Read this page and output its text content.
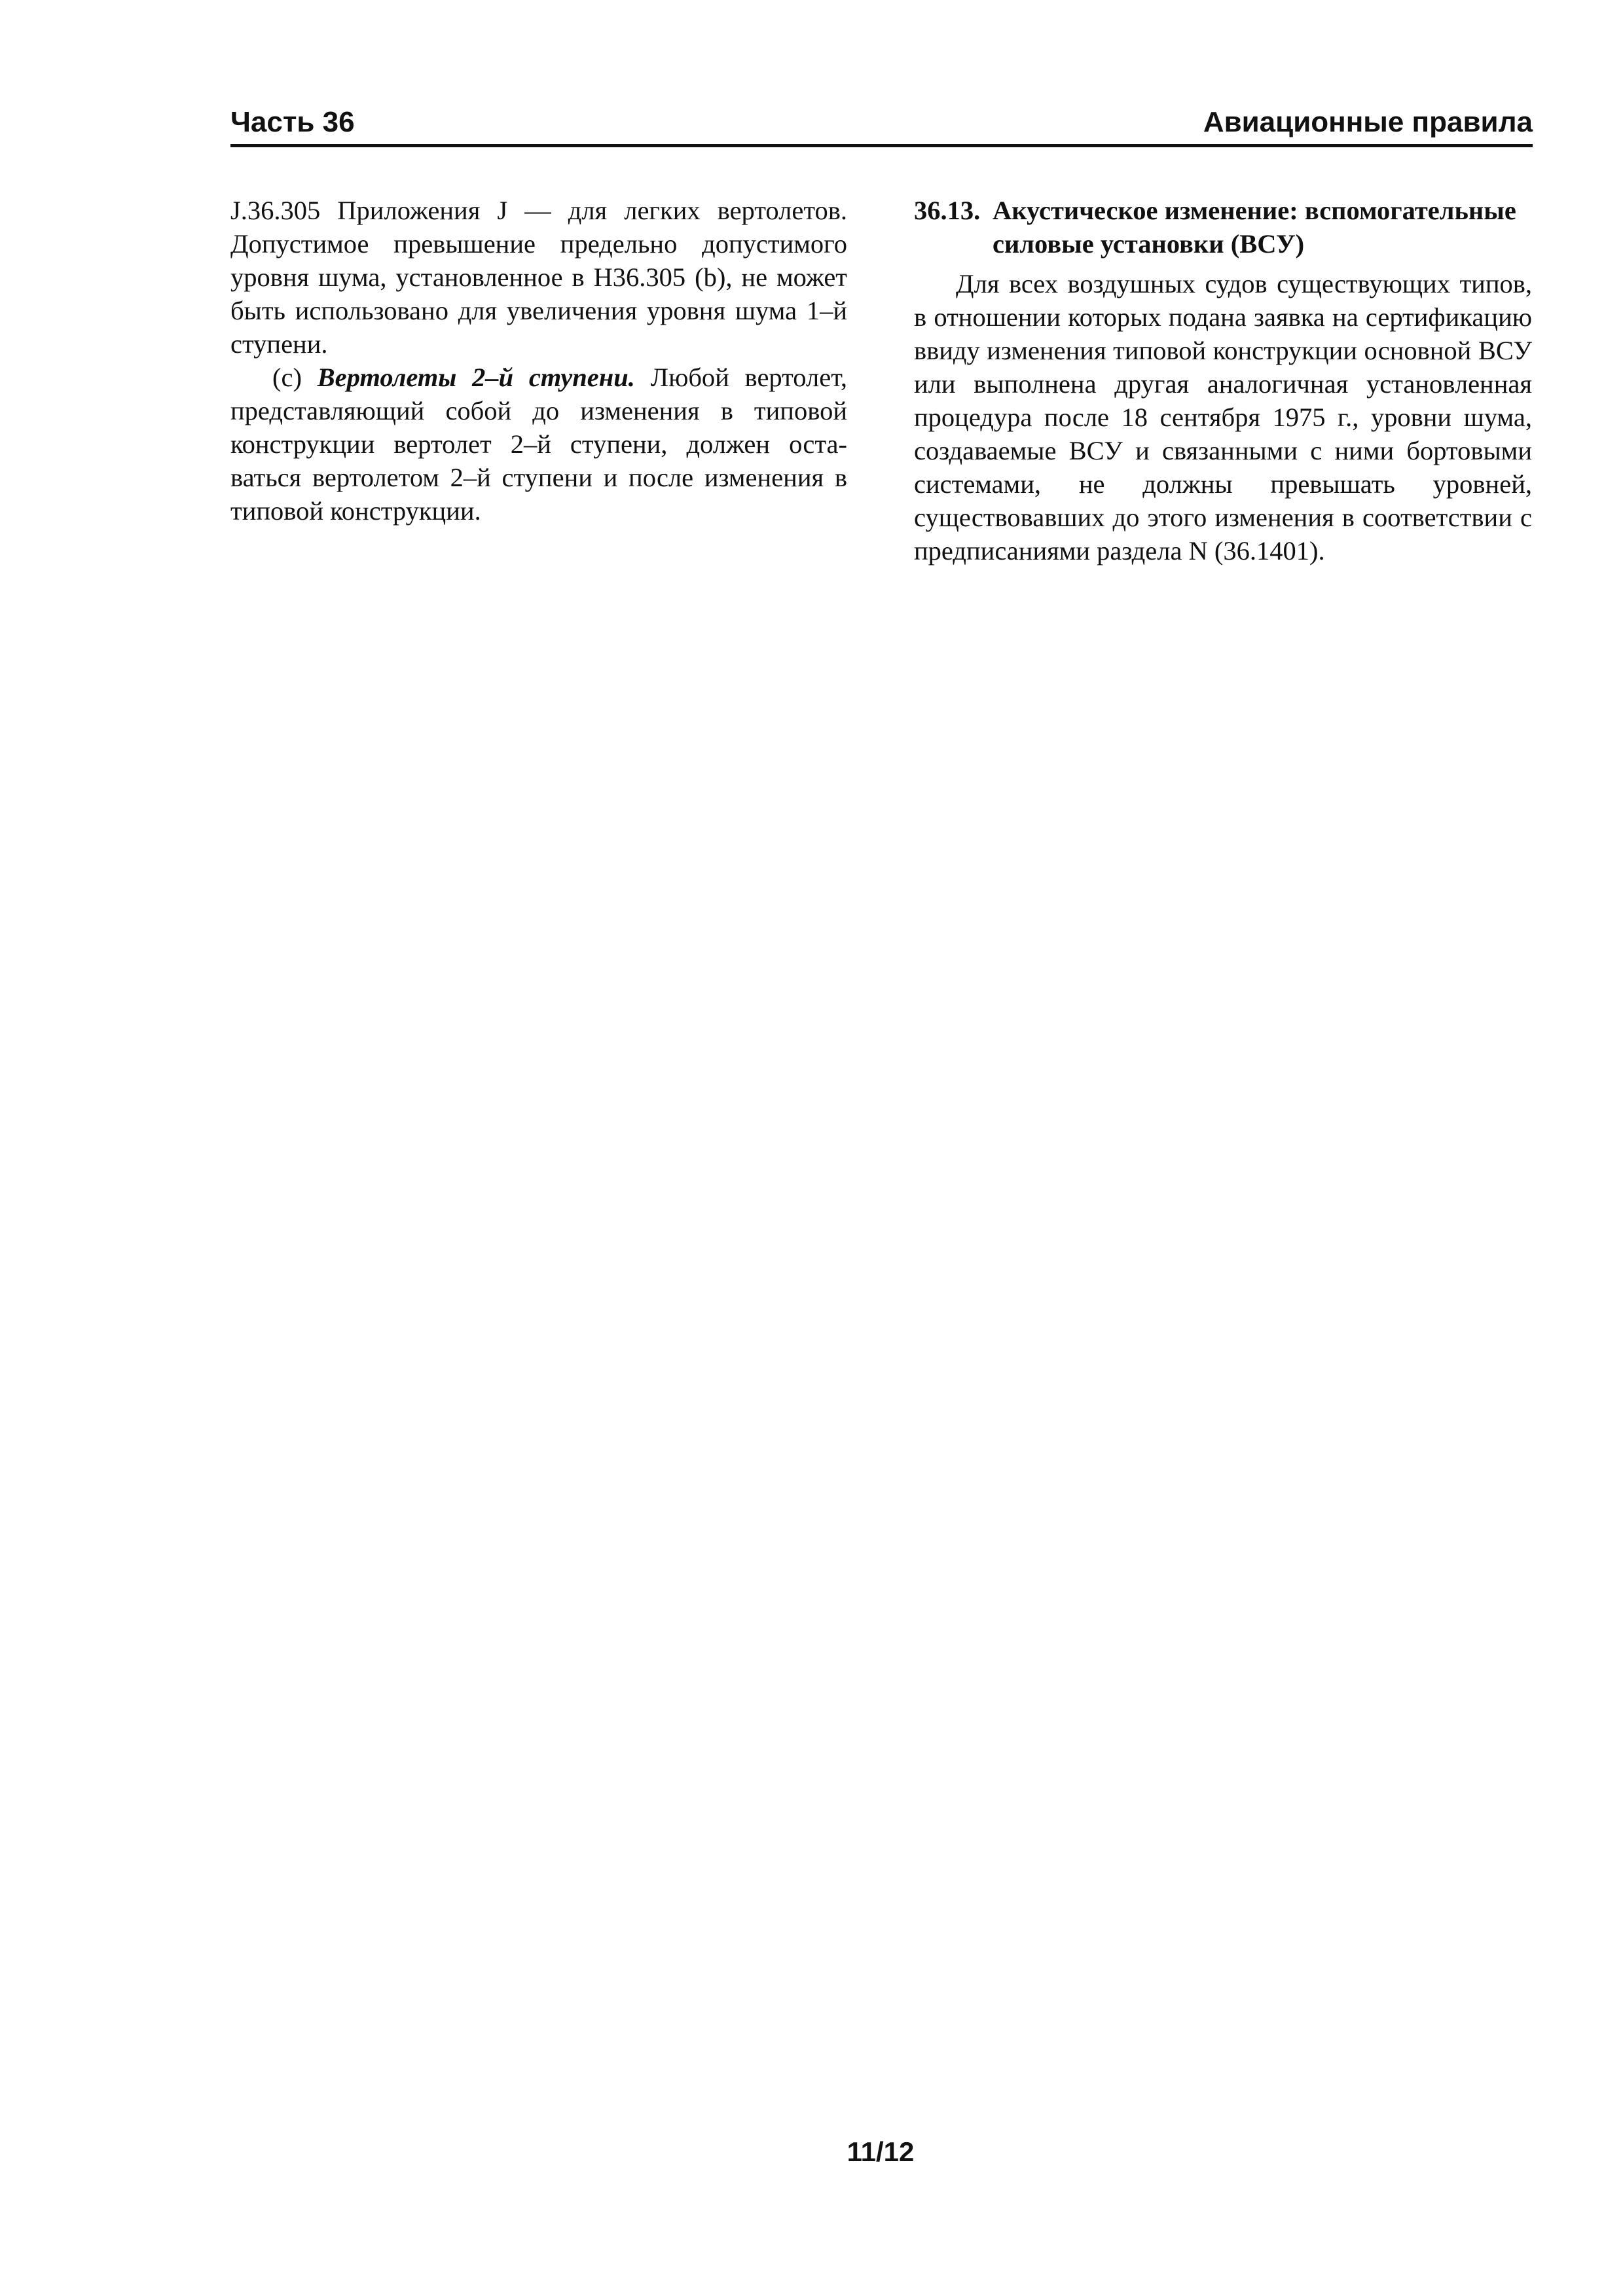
Часть 36	Авиационные правила

J.36.305 Приложения J — для легких вертолетов. Допустимое превышение предельно допустимого уровня шума, установленное в H36.305 (b), не может быть использовано для увеличения уровня шума 1–й ступени.

(c) Вертолеты 2–й ступени. Любой вертолет, представляющий собой до изменения в типовой конструкции вертолет 2–й ступени, должен оставаться вертолетом 2–й ступени и после изменения в типовой конструкции.

36.13. Акустическое изменение: вспомогательные силовые установки (ВСУ)

Для всех воздушных судов существующих типов, в отношении которых подана заявка на сертификацию ввиду изменения типовой конструкции основной ВСУ или выполнена другая аналогичная установленная процедура после 18 сентября 1975 г., уровни шума, создаваемые ВСУ и связанными с ними бортовыми системами, не должны превышать уровней, существовавших до этого изменения в соответствии с предписаниями раздела N (36.1401).

11/12
